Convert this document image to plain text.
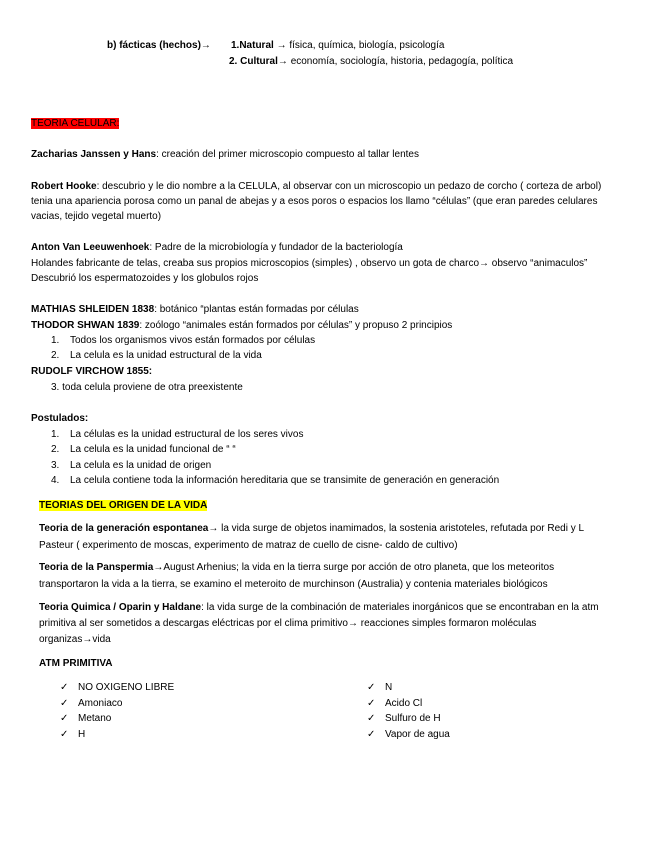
b) fácticas (hechos)→ 1.Natural → física, química, biología, psicología
2. Cultural→ economía, sociología, historia, pedagogía, política
TEORIA CELULAR:
Zacharias Janssen y Hans: creación del primer microscopio compuesto al tallar lentes
Robert Hooke: descubrio y le dio nombre a la CELULA, al observar con un microscopio un pedazo de corcho ( corteza de arbol)
tenia una apariencia porosa como un panal de abejas y a esos poros o espacios los llamo “células” (que eran paredes celulares
vacias, tejido vegetal muerto)
Anton Van Leeuwenhoek: Padre de la microbiología y fundador de la bacteriología
Holandes fabricante de telas, creaba sus propios microscopios (simples) , observo un gota de charco→ observo “animaculos”
Descubrió los espermatozoides y los globulos rojos
MATHIAS SHLEIDEN 1838: botánico “plantas están formadas por células
THODOR SHWAN 1839: zoólogo “animales están formados por células” y propuso 2 principios
1. Todos los organismos vivos están formados por células
2. La celula es la unidad estructural de la vida
RUDOLF VIRCHOW 1855:
3. toda celula proviene de otra preexistente
Postulados:
1. La células es la unidad estructural de los seres vivos
2. La celula es la unidad funcional de “ “
3. La celula es la unidad de origen
4. La celula contiene toda la información hereditaria que se transimite de generación en generación
TEORIAS DEL ORIGEN DE LA VIDA
Teoria de la generación espontanea→ la vida surge de objetos inamimados, la sostenia aristoteles, refutada por Redi y L
Pasteur ( experimento de moscas, experimento de matraz de cuello de cisne- caldo de cultivo)
Teoria de la Panspermia→August Arhenius; la vida en la tierra surge por acción de otro planeta, que los meteoritos
transportaron la vida a la tierra, se examino el meteroito de murchinson (Australia) y contenia materiales biológicos
Teoria Quimica / Oparin y Haldane: la vida surge de la combinación de materiales inorgánicos que se encontraban en la atm
primitiva al ser sometidos a descargas eléctricas por el clima primitivo→ reacciones simples formaron moléculas
organizas→vida
ATM PRIMITIVA
✓ NO OXIGENO LIBRE
✓ Amoniaco
✓ Metano
✓ H
✓ N
✓ Acido Cl
✓ Sulfuro de H
✓ Vapor de agua
